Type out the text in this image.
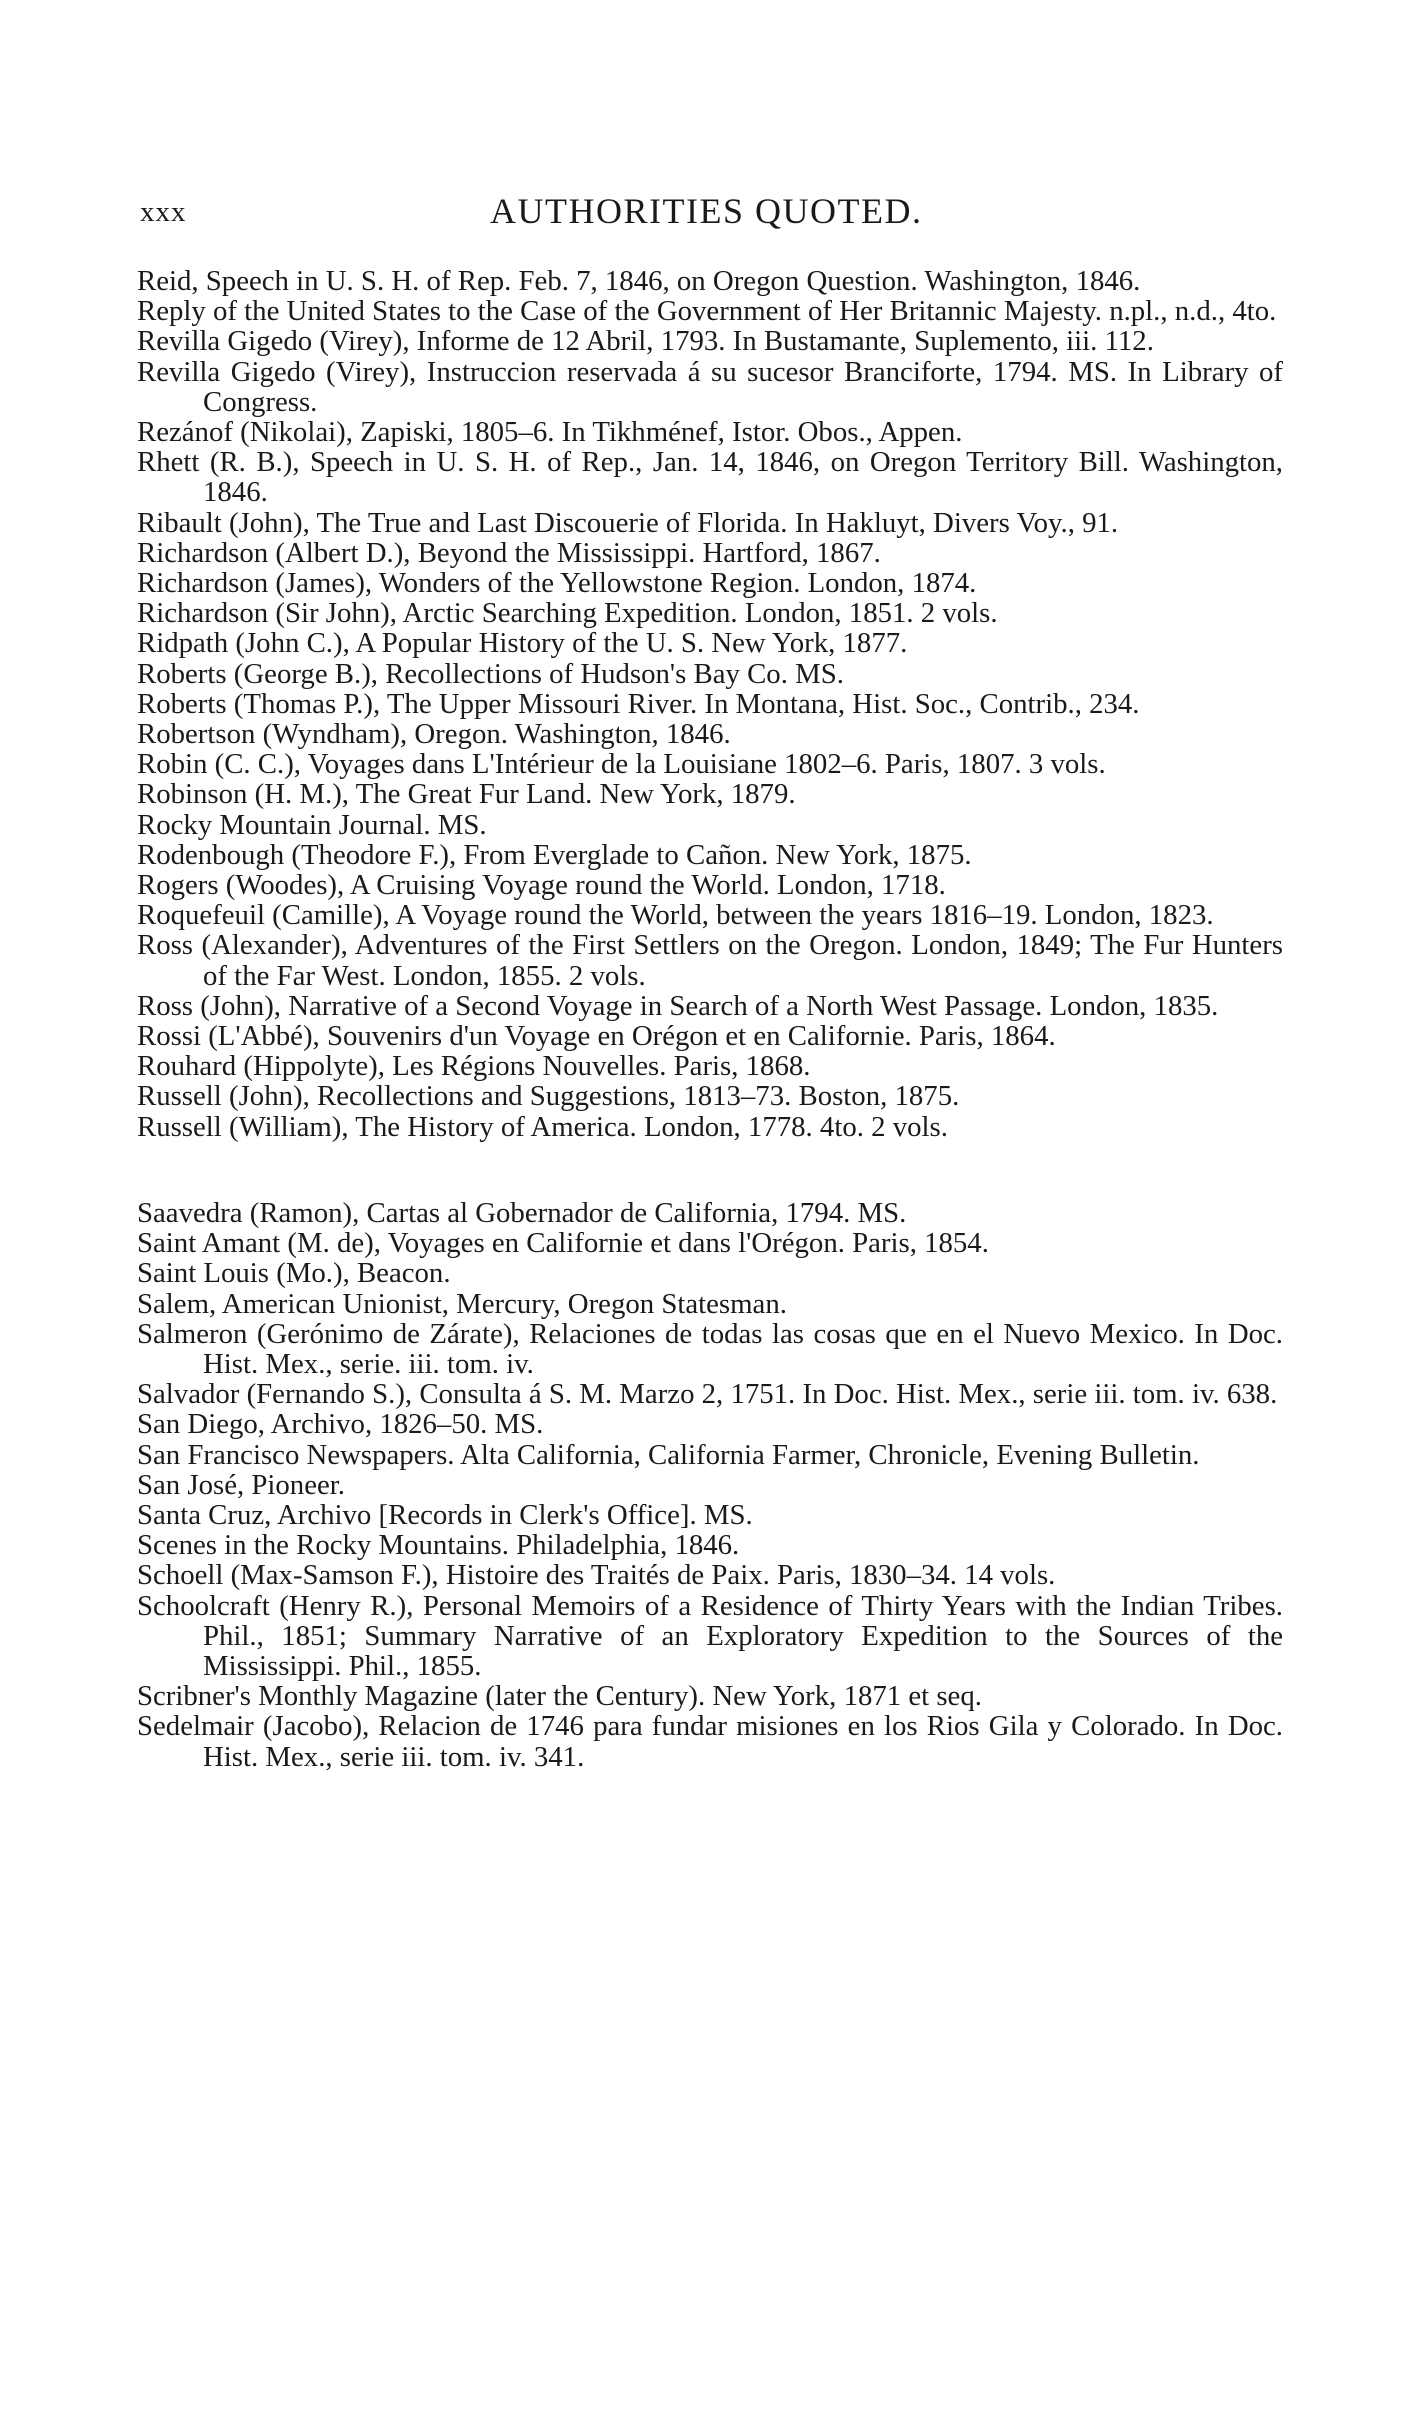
xxx	AUTHORITIES QUOTED.
Reid, Speech in U. S. H. of Rep. Feb. 7, 1846, on Oregon Question. Washington, 1846.
Reply of the United States to the Case of the Government of Her Britannic Majesty. n.pl., n.d., 4to.
Revilla Gigedo (Virey), Informe de 12 Abril, 1793. In Bustamante, Suplemento, iii. 112.
Revilla Gigedo (Virey), Instruccion reservada á su sucesor Branciforte, 1794. MS. In Library of Congress.
Rezánof (Nikolai), Zapiski, 1805–6. In Tikhménef, Istor. Obos., Appen.
Rhett (R. B.), Speech in U. S. H. of Rep., Jan. 14, 1846, on Oregon Territory Bill. Washington, 1846.
Ribault (John), The True and Last Discouerie of Florida. In Hakluyt, Divers Voy., 91.
Richardson (Albert D.), Beyond the Mississippi. Hartford, 1867.
Richardson (James), Wonders of the Yellowstone Region. London, 1874.
Richardson (Sir John), Arctic Searching Expedition. London, 1851. 2 vols.
Ridpath (John C.), A Popular History of the U. S. New York, 1877.
Roberts (George B.), Recollections of Hudson's Bay Co. MS.
Roberts (Thomas P.), The Upper Missouri River. In Montana, Hist. Soc., Contrib., 234.
Robertson (Wyndham), Oregon. Washington, 1846.
Robin (C. C.), Voyages dans L'Intérieur de la Louisiane 1802–6. Paris, 1807. 3 vols.
Robinson (H. M.), The Great Fur Land. New York, 1879.
Rocky Mountain Journal. MS.
Rodenbough (Theodore F.), From Everglade to Cañon. New York, 1875.
Rogers (Woodes), A Cruising Voyage round the World. London, 1718.
Roquefeuil (Camille), A Voyage round the World, between the years 1816–19. London, 1823.
Ross (Alexander), Adventures of the First Settlers on the Oregon. London, 1849; The Fur Hunters of the Far West. London, 1855. 2 vols.
Ross (John), Narrative of a Second Voyage in Search of a North West Passage. London, 1835.
Rossi (L'Abbé), Souvenirs d'un Voyage en Orégon et en Californie. Paris, 1864.
Rouhard (Hippolyte), Les Régions Nouvelles. Paris, 1868.
Russell (John), Recollections and Suggestions, 1813–73. Boston, 1875.
Russell (William), The History of America. London, 1778. 4to. 2 vols.
Saavedra (Ramon), Cartas al Gobernador de California, 1794. MS.
Saint Amant (M. de), Voyages en Californie et dans l'Orégon. Paris, 1854.
Saint Louis (Mo.), Beacon.
Salem, American Unionist, Mercury, Oregon Statesman.
Salmeron (Gerónimo de Zárate), Relaciones de todas las cosas que en el Nuevo Mexico. In Doc. Hist. Mex., serie. iii. tom. iv.
Salvador (Fernando S.), Consulta á S. M. Marzo 2, 1751. In Doc. Hist. Mex., serie iii. tom. iv. 638.
San Diego, Archivo, 1826–50. MS.
San Francisco Newspapers. Alta California, California Farmer, Chronicle, Evening Bulletin.
San José, Pioneer.
Santa Cruz, Archivo [Records in Clerk's Office]. MS.
Scenes in the Rocky Mountains. Philadelphia, 1846.
Schoell (Max-Samson F.), Histoire des Traités de Paix. Paris, 1830–34. 14 vols.
Schoolcraft (Henry R.), Personal Memoirs of a Residence of Thirty Years with the Indian Tribes. Phil., 1851; Summary Narrative of an Exploratory Expedition to the Sources of the Mississippi. Phil., 1855.
Scribner's Monthly Magazine (later the Century). New York, 1871 et seq.
Sedelmair (Jacobo), Relacion de 1746 para fundar misiones en los Rios Gila y Colorado. In Doc. Hist. Mex., serie iii. tom. iv. 341.
